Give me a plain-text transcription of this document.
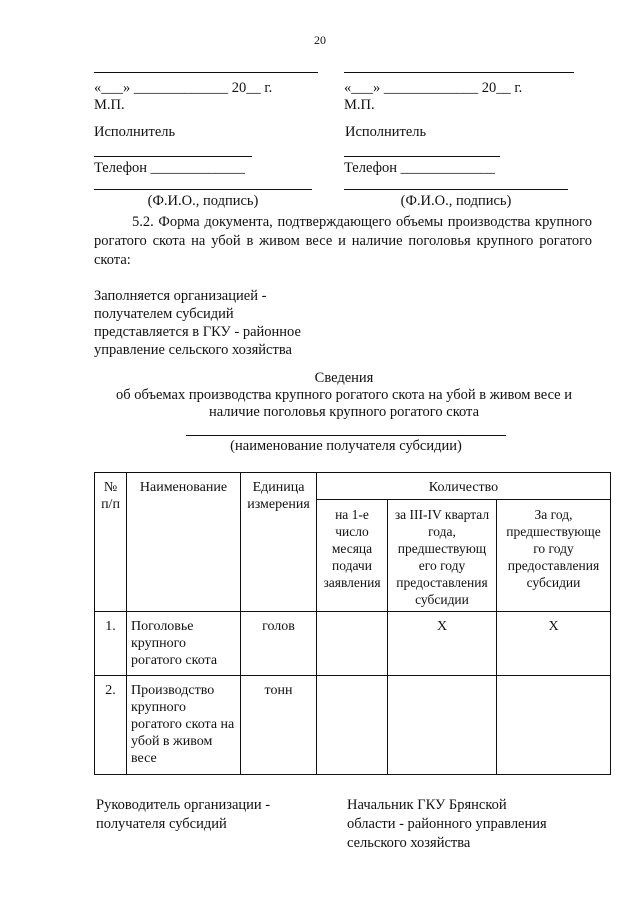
20
«___» _____________ 20__ г.
М.П.
Исполнитель
Телефон _____________
(Ф.И.О., подпись)
«___» _____________ 20__ г.
М.П.
Исполнитель
Телефон _____________
(Ф.И.О., подпись)
5.2. Форма документа, подтверждающего объемы производства крупного рогатого скота на убой в живом весе и наличие поголовья крупного рогатого скота:
Заполняется организацией -
получателем субсидий
представляется в ГКУ - районное
управление сельского хозяйства
Сведения
об объемах производства крупного рогатого скота на убой в живом весе и
наличие поголовья крупного рогатого скота
(наименование получателя субсидии)
№ п/п	Наименование	Единица измерения	Количество		
			на 1-е число месяца подачи заявления	за III-IV квартал года, предшествующ его году предоставления субсидии	За год, предшествующе го году предоставления субсидии
1.	Поголовье крупного рогатого скота	голов		X	X
2.	Производство крупного рогатого скота на убой в живом весе	тонн			
Руководитель организации -
получателя субсидий
Начальник ГКУ Брянской
области - районного управления
сельского хозяйства
